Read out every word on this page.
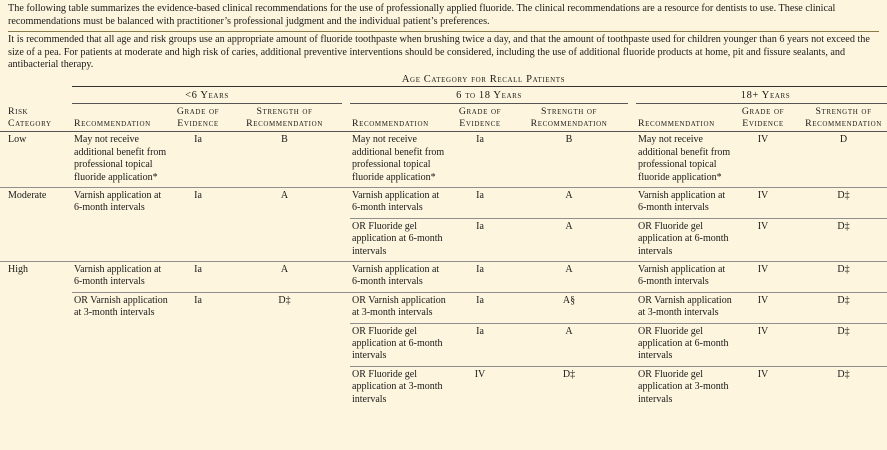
The following table summarizes the evidence-based clinical recommendations for the use of professionally applied fluoride. The clinical recommendations are a resource for dentists to use. These clinical recommendations must be balanced with practitioner’s professional judgment and the individual patient’s preferences.

It is recommended that all age and risk groups use an appropriate amount of fluoride toothpaste when brushing twice a day, and that the amount of toothpaste used for children younger than 6 years not exceed the size of a pea. For patients at moderate and high risk of caries, additional preventive interventions should be considered, including the use of additional fluoride products at home, pit and fissure sealants, and antibacterial therapy.

	Age Category for Recall Patients										

	<6 Years				6 to 18 Years				18+ Years		

Risk Category	Recommendation	Grade of Evidence	Strength of Recommendation		Recommendation	Grade of Evidence	Strength of Recommendation		Recommendation	Grade of Evidence	Strength of Recommendation
Low	May not receive additional benefit from professional topical fluoride application*	Ia	B		May not receive additional benefit from professional topical fluoride application*	Ia	B		May not receive additional benefit from professional topical fluoride application*	IV	D
Moderate	Varnish application at 6-month intervals	Ia	A		Varnish application at 6-month intervals	Ia	A		Varnish application at 6-month intervals	IV	D‡
					OR Fluoride gel application at 6-month intervals	Ia	A		OR Fluoride gel application at 6-month intervals	IV	D‡
High	Varnish application at 6-month intervals	Ia	A		Varnish application at 6-month intervals	Ia	A		Varnish application at 6-month intervals	IV	D‡
	OR Varnish application at 3-month intervals	Ia	D‡		OR Varnish application at 3-month intervals	Ia	A§		OR Varnish application at 3-month intervals	IV	D‡
					OR Fluoride gel application at 6-month intervals	Ia	A		OR Fluoride gel application at 6-month intervals	IV	D‡
					OR Fluoride gel application at 3-month intervals	IV	D‡		OR Fluoride gel application at 3-month intervals	IV	D‡
